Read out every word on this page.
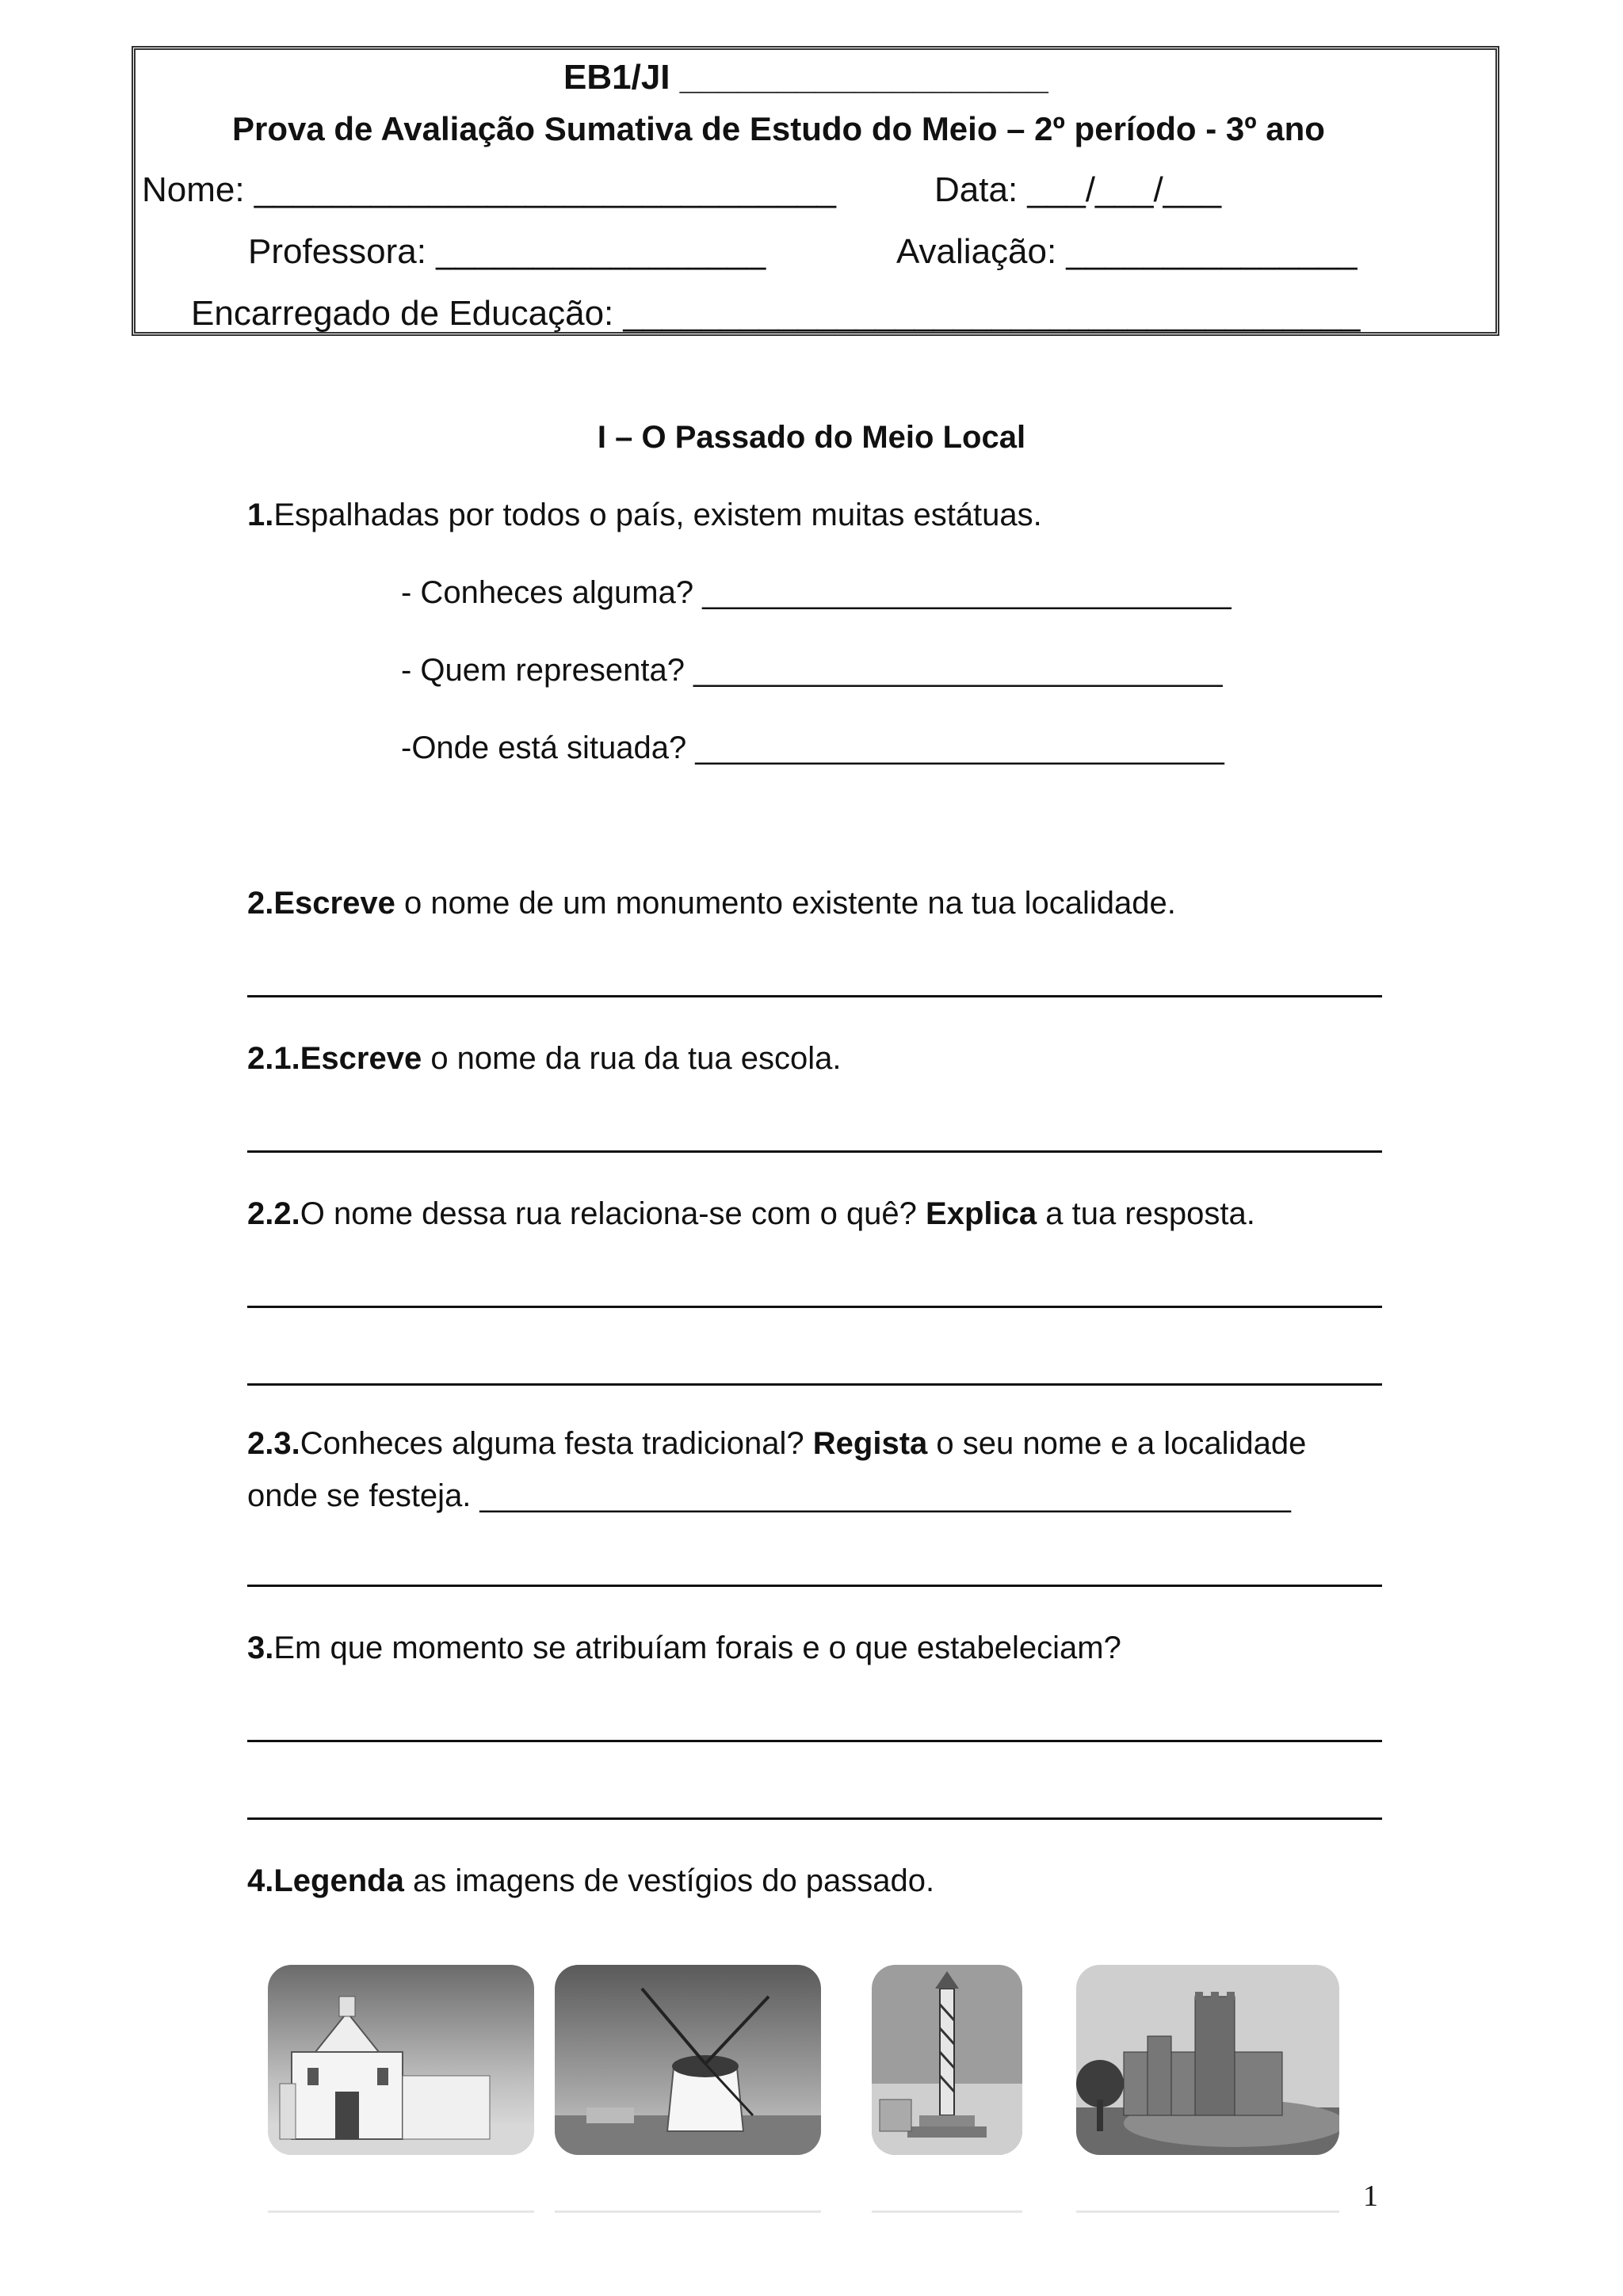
EB1/JI ___________________
Prova de Avaliação Sumativa de Estudo do Meio – 2º período - 3º ano
Nome: ______________________________	Data: ___/___/___
Professora: _________________	Avaliação: _______________
Encarregado de Educação: ______________________________________
I – O Passado do Meio Local
1.Espalhadas por todos o país, existem muitas estátuas.
- Conheces alguma? ______________________________
- Quem representa? ______________________________
-Onde está situada? ______________________________
2.Escreve o nome de um monumento existente na tua localidade.
2.1.Escreve o nome da rua da tua escola.
2.2.O nome dessa rua relaciona-se com o quê? Explica a tua resposta.
2.3.Conheces alguma festa tradicional? Regista o seu nome e a localidade
onde se festeja. ______________________________________________
3.Em que momento se atribuíam forais e o que estabeleciam?
4.Legenda as imagens de vestígios do passado.
1
